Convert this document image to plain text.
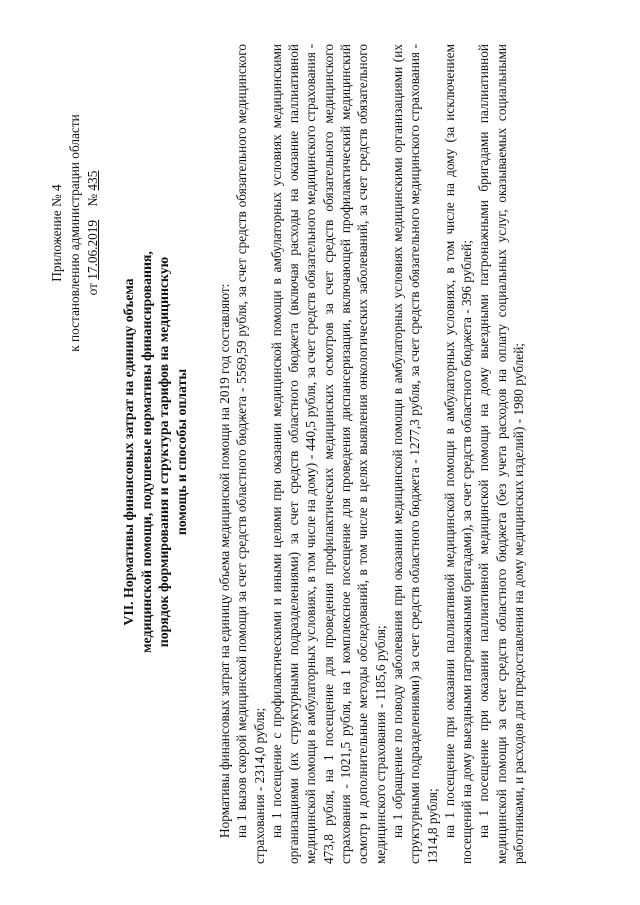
Приложение № 4 к постановлению администрации области от 17.06.2019    № 435
VII. Нормативы финансовых затрат на единицу объема медицинской помощи, подушевые нормативы финансирования, порядок формирования и структура тарифов на медицинскую помощь и способы оплаты Нормативы финансовых затрат на единицу объема медицинской помощи на 2019 год составляют: на 1 вызов скорой медицинской помощи за счет средств областного бюджета - 5569,59 рубля, за счет средств обязательного медицинского страхования - 2314,0 рубля; на 1 посещение с профилактическими и иными целями при оказании медицинской помощи в амбулаторных условиях медицинскими организациями (их структурными подразделениями) за счет средств областного бюджета (включая расходы на оказание паллиативной медицинской помощи в амбулаторных условиях, в том числе на дому) - 440,5 рубля, за счет средств обязательного медицинского страхования - 473,8 рубля, на 1 посещение для проведения профилактических медицинских осмотров за счет средств обязательного медицинского страхования - 1021,5 рубля, на 1 комплексное посещение для проведения диспансеризации, включающей профилактический медицинский осмотр и дополнительные методы обследований, в том числе в целях выявления онкологических заболеваний, за счет средств обязательного медицинского страхования - 1185,6 рубля; на 1 обращение по поводу заболевания при оказании медицинской помощи в амбулаторных условиях медицинскими организациями (их структурными подразделениями) за счет средств областного бюджета - 1277,3 рубля, за счет средств обязательного медицинского страхования - 1314,8 рубля; на 1 посещение при оказании паллиативной медицинской помощи в амбулаторных условиях, в том числе на дому (за исключением посещений на дому выездными патронажными бригадами), за счет средств областного бюджета - 396 рублей; на 1 посещение при оказании паллиативной медицинской помощи на дому выездными патронажными бригадами паллиативной медицинской помощи за счет средств областного бюджета (без учета расходов на оплату социальных услуг, оказываемых социальными работниками, и расходов для предоставления на дому медицинских изделий) - 1980 рублей;
